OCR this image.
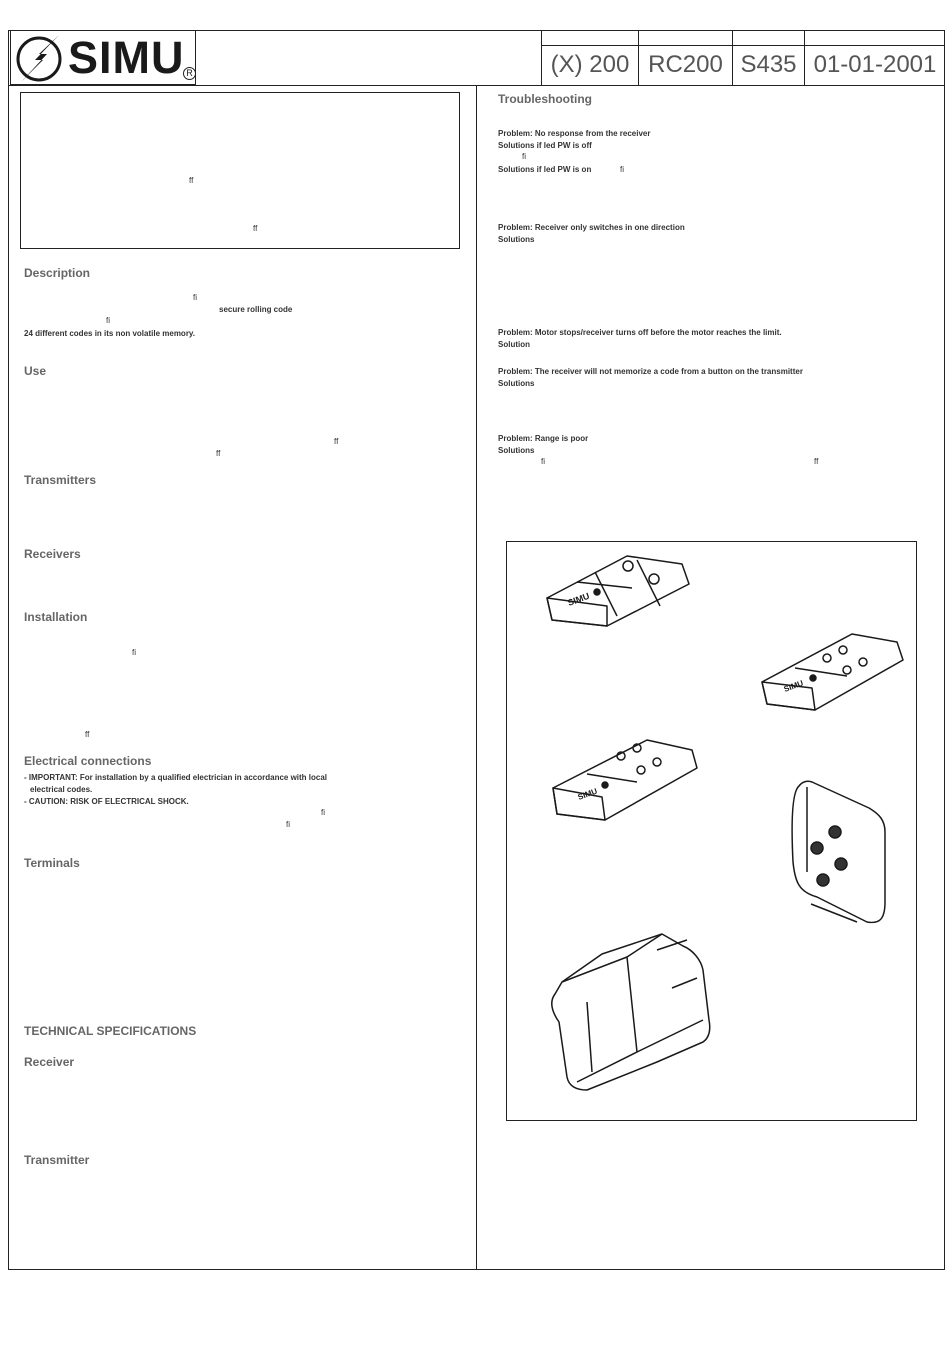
SIMU R	(X) 200 RC200 S435 01-01-2001
ff
ff
Description
fi
secure rolling code
fi
24 different codes in its non volatile memory.
Use
ff
ff
Transmitters
Receivers
Installation
fi
ff
Electrical connections
- IMPORTANT: For installation by a qualified electrician in accordance with local
electrical codes.
- CAUTION: RISK OF ELECTRICAL SHOCK.
fi
fi
Terminals
TECHNICAL SPECIFICATIONS
Receiver
Transmitter
Troubleshooting
Problem: No response from the receiver
Solutions if led PW is off
fi
Solutions if led PW is on	fi
Problem: Receiver only switches in one direction
Solutions
Problem: Motor stops/receiver turns off before the motor reaches the limit.
Solution
Problem: The receiver will not memorize a code from a button on the transmitter
Solutions
Problem: Range is poor
Solutions
fi	ff
SIMU
SIMU
SIMU
